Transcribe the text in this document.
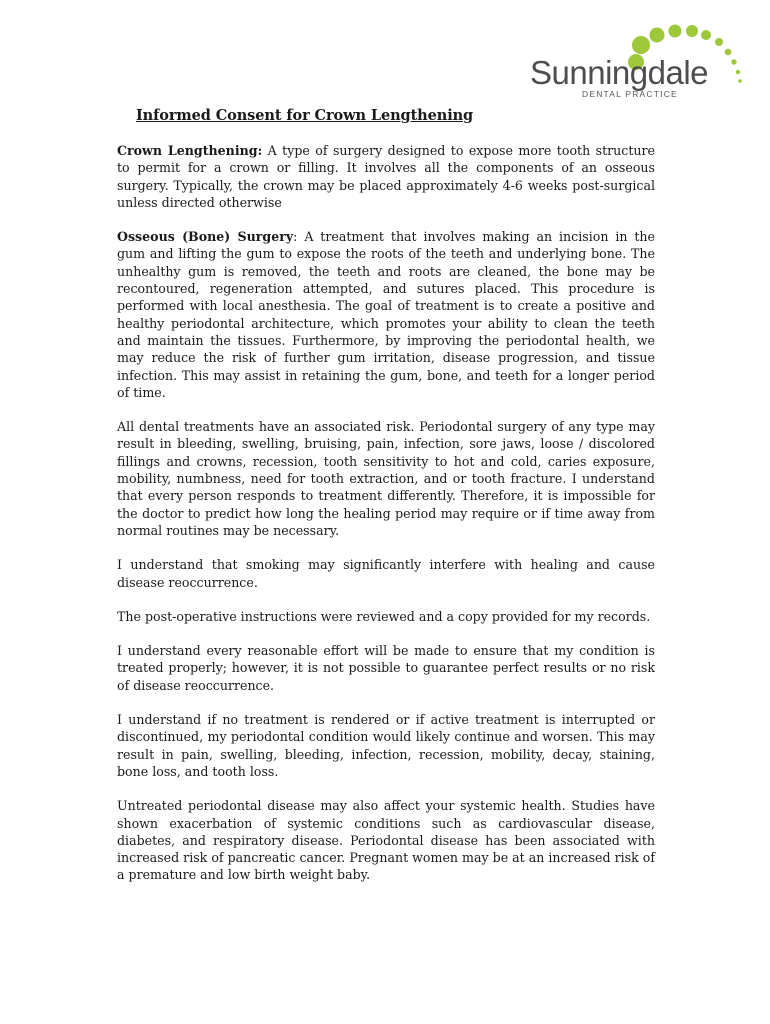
Sunningdale
DENTAL PRACTICE
Informed Consent for Crown Lengthening

Crown Lengthening: A type of surgery designed to expose more tooth structure to permit for a crown or filling. It involves all the components of an osseous surgery. Typically, the crown may be placed approximately 4-6 weeks post-surgical unless directed otherwise

Osseous (Bone) Surgery: A treatment that involves making an incision in the gum and lifting the gum to expose the roots of the teeth and underlying bone. The unhealthy gum is removed, the teeth and roots are cleaned, the bone may be recontoured, regeneration attempted, and sutures placed. This procedure is performed with local anesthesia. The goal of treatment is to create a positive and healthy periodontal architecture, which promotes your ability to clean the teeth and maintain the tissues. Furthermore, by improving the periodontal health, we may reduce the risk of further gum irritation, disease progression, and tissue infection. This may assist in retaining the gum, bone, and teeth for a longer period of time.

All dental treatments have an associated risk. Periodontal surgery of any type may result in bleeding, swelling, bruising, pain, infection, sore jaws, loose / discolored fillings and crowns, recession, tooth sensitivity to hot and cold, caries exposure, mobility, numbness, need for tooth extraction, and or tooth fracture. I understand that every person responds to treatment differently. Therefore, it is impossible for the doctor to predict how long the healing period may require or if time away from normal routines may be necessary.

I understand that smoking may significantly interfere with healing and cause disease reoccurrence.

The post-operative instructions were reviewed and a copy provided for my records.

I understand every reasonable effort will be made to ensure that my condition is treated properly; however, it is not possible to guarantee perfect results or no risk of disease reoccurrence.

I understand if no treatment is rendered or if active treatment is interrupted or discontinued, my periodontal condition would likely continue and worsen. This may result in pain, swelling, bleeding, infection, recession, mobility, decay, staining, bone loss, and tooth loss.

Untreated periodontal disease may also affect your systemic health. Studies have shown exacerbation of systemic conditions such as cardiovascular disease, diabetes, and respiratory disease. Periodontal disease has been associated with increased risk of pancreatic cancer. Pregnant women may be at an increased risk of a premature and low birth weight baby.
